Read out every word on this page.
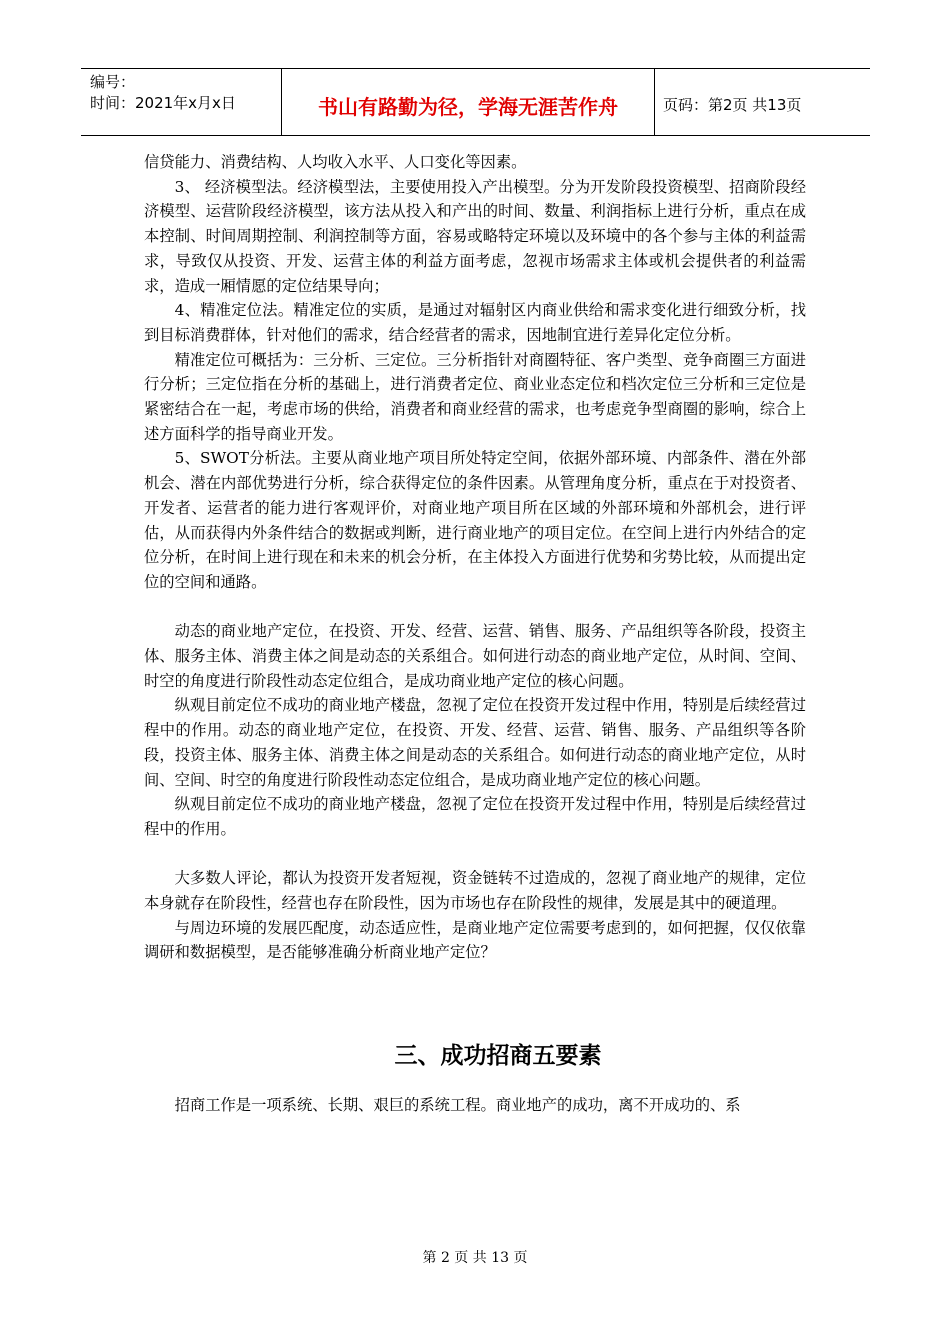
编号：
时间：2021年x月x日	书山有路勤为径，学海无涯苦作舟	页码：第2页 共13页

信贷能力、消费结构、人均收入水平、人口变化等因素。

3、 经济模型法。经济模型法，主要使用投入产出模型。分为开发阶段投资模型、招商阶段经济模型、运营阶段经济模型，该方法从投入和产出的时间、数量、利润指标上进行分析，重点在成本控制、时间周期控制、利润控制等方面，容易或略特定环境以及环境中的各个参与主体的利益需求，导致仅从投资、开发、运营主体的利益方面考虑，忽视市场需求主体或机会提供者的利益需求，造成一厢情愿的定位结果导向；

4、精准定位法。精准定位的实质，是通过对辐射区内商业供给和需求变化进行细致分析，找到目标消费群体，针对他们的需求，结合经营者的需求，因地制宜进行差异化定位分析。

精准定位可概括为：三分析、三定位。三分析指针对商圈特征、客户类型、竞争商圈三方面进行分析；三定位指在分析的基础上，进行消费者定位、商业业态定位和档次定位三分析和三定位是紧密结合在一起，考虑市场的供给，消费者和商业经营的需求，也考虑竞争型商圈的影响，综合上述方面科学的指导商业开发。

5、SWOT分析法。主要从商业地产项目所处特定空间，依据外部环境、内部条件、潜在外部机会、潜在内部优势进行分析，综合获得定位的条件因素。从管理角度分析，重点在于对投资者、开发者、运营者的能力进行客观评价，对商业地产项目所在区域的外部环境和外部机会，进行评估，从而获得内外条件结合的数据或判断，进行商业地产的项目定位。在空间上进行内外结合的定位分析，在时间上进行现在和未来的机会分析，在主体投入方面进行优势和劣势比较，从而提出定位的空间和通路。

动态的商业地产定位，在投资、开发、经营、运营、销售、服务、产品组织等各阶段，投资主体、服务主体、消费主体之间是动态的关系组合。如何进行动态的商业地产定位，从时间、空间、时空的角度进行阶段性动态定位组合，是成功商业地产定位的核心问题。

纵观目前定位不成功的商业地产楼盘，忽视了定位在投资开发过程中作用，特别是后续经营过程中的作用。动态的商业地产定位，在投资、开发、经营、运营、销售、服务、产品组织等各阶段，投资主体、服务主体、消费主体之间是动态的关系组合。如何进行动态的商业地产定位，从时间、空间、时空的角度进行阶段性动态定位组合，是成功商业地产定位的核心问题。

纵观目前定位不成功的商业地产楼盘，忽视了定位在投资开发过程中作用，特别是后续经营过程中的作用。

大多数人评论，都认为投资开发者短视，资金链转不过造成的，忽视了商业地产的规律，定位本身就存在阶段性，经营也存在阶段性，因为市场也存在阶段性的规律，发展是其中的硬道理。

与周边环境的发展匹配度，动态适应性，是商业地产定位需要考虑到的，如何把握，仅仅依靠调研和数据模型，是否能够准确分析商业地产定位？

三、成功招商五要素

招商工作是一项系统、长期、艰巨的系统工程。商业地产的成功，离不开成功的、系

第 2 页 共 13 页
